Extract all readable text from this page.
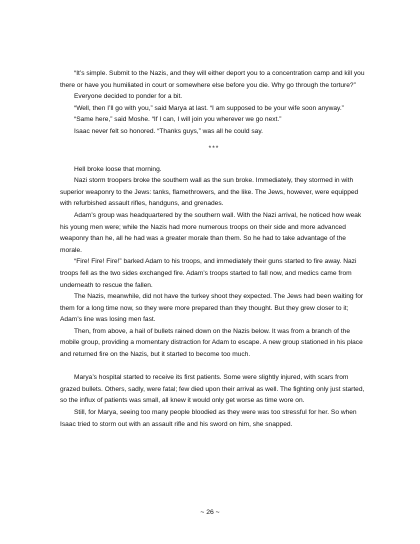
“It’s simple. Submit to the Nazis, and they will either deport you to a concentration camp and kill you there or have you humiliated in court or somewhere else before you die. Why go through the torture?”

Everyone decided to ponder for a bit.

“Well, then I’ll go with you,” said Marya at last. “I am supposed to be your wife soon anyway.”

“Same here,” said Moshe. “If I can, I will join you wherever we go next.”

Isaac never felt so honored. “Thanks guys,” was all he could say.

***

Hell broke loose that morning.

Nazi storm troopers broke the southern wall as the sun broke. Immediately, they stormed in with superior weaponry to the Jews: tanks, flamethrowers, and the like. The Jews, however, were equipped with refurbished assault rifles, handguns, and grenades.

Adam’s group was headquartered by the southern wall. With the Nazi arrival, he noticed how weak his young men were; while the Nazis had more numerous troops on their side and more advanced weaponry than he, all he had was a greater morale than them. So he had to take advantage of the morale.

“Fire! Fire! Fire!” barked Adam to his troops, and immediately their guns started to fire away. Nazi troops fell as the two sides exchanged fire. Adam’s troops started to fall now, and medics came from underneath to rescue the fallen.

The Nazis, meanwhile, did not have the turkey shoot they expected. The Jews had been waiting for them for a long time now, so they were more prepared than they thought. But they grew closer to it; Adam’s line was losing men fast.

Then, from above, a hail of bullets rained down on the Nazis below. It was from a branch of the mobile group, providing a momentary distraction for Adam to escape. A new group stationed in his place and returned fire on the Nazis, but it started to become too much.

Marya’s hospital started to receive its first patients. Some were slightly injured, with scars from grazed bullets. Others, sadly, were fatal; few died upon their arrival as well. The fighting only just started, so the influx of patients was small, all knew it would only get worse as time wore on.

Still, for Marya, seeing too many people bloodied as they were was too stressful for her. So when Isaac tried to storm out with an assault rifle and his sword on him, she snapped.

~ 26 ~
